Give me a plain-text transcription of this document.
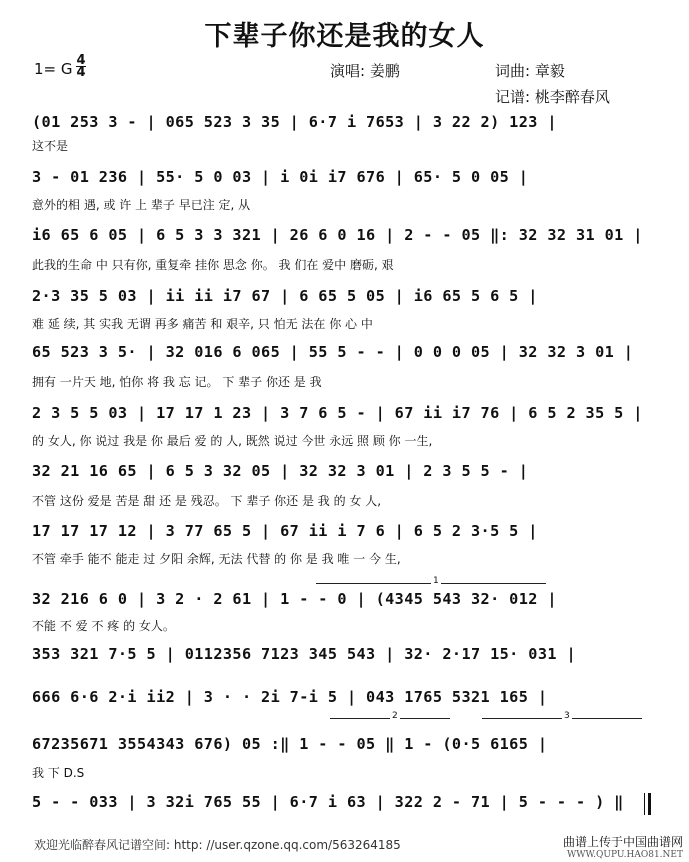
下辈子你还是我的女人
1= G 4
4	演唱: 姜鹏	词曲: 章毅
记谱: 桃李醉春风
(01 253 3 - | 065 523 3 35 | 6·7 i 7653 | 3 22 2) 123 |
这不是
3 - 01 236 | 55· 5 0 03 | i 0i i7 676 | 65· 5 0 05 |
意外的相 遇, 或 许 上 辈子 早已注 定, 从
i6 65 6 05 | 6 5 3 3 321 | 26 6 0 16 | 2 - - 05 ‖: 32 32 31 01 |
此我的生命 中 只有你, 重复牵 挂你 思念 你。 我 们在 爱中 磨砺, 艰
2·3 35 5 03 | ii ii i7 67 | 6 65 5 05 | i6 65 5 6 5 |
难 延 续, 其 实我 无谓 再多 痛苦 和 艰辛, 只 怕无 法在 你 心 中
65 523 3 5· | 32 016 6 065 | 55 5 - - | 0 0 0 05 | 32 32 3 01 |
拥有 一片天 地, 怕你 将 我 忘 记。 下 辈子 你还 是 我
2 3 5 5 03 | 17 17 1 23 | 3 7 6 5 - | 67 ii i7 76 | 6 5 2 35 5 |
的 女人, 你 说过 我是 你 最后 爱 的 人, 既然 说过 今世 永远 照 顾 你 一生,
32 21 16 65 | 6 5 3 32 05 | 32 32 3 01 | 2 3 5 5 - |
不管 这份 爱是 苦是 甜 还 是 残忍。 下 辈子 你还 是 我 的 女 人,
17 17 17 12 | 3 77 65 5 | 67 ii i 7 6 | 6 5 2 3·5 5 |
不管 牵手 能不 能走 过 夕阳 余辉, 无法 代替 的 你 是 我 唯 一 今 生,
1
32 216 6 0 | 3 2 · 2 61 | 1 - - 0 | (4345 543 32· 012 |
不能 不 爱 不 疼 的 女人。
353 321 7·5 5 | 0112356 7123 345 543 | 32· 2·17 15· 031 |
666 6·6 2·i ii2 | 3 · · 2i 7-i 5 | 043 1765 5321 165 |
2	3
67235671 3554343 676) 05 :‖ 1 - - 05 ‖ 1 - (0·5 6165 |
我 下 D.S
5 - - 033 | 3 32i 765 55 | 6·7 i 63 | 322 2 - 71 | 5 - - - ) ‖
欢迎光临醉春风记谱空间: http: //user.qzone.qq.com/563264185	曲谱上传于中国曲谱网
WWW.QUPU.HAO81.NET
